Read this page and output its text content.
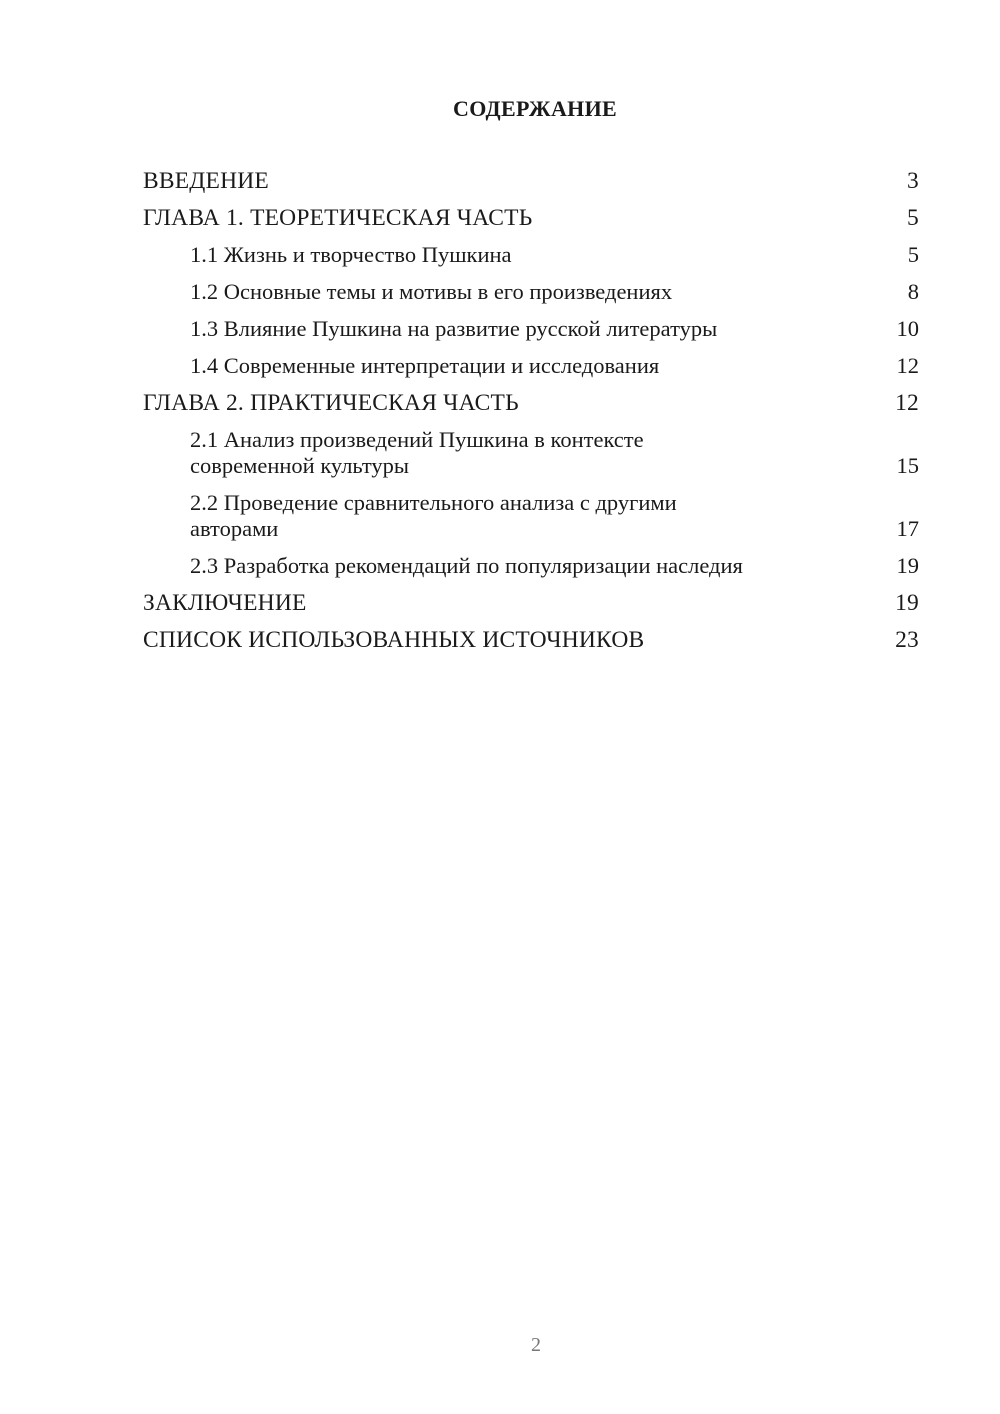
СОДЕРЖАНИЕ
ВВЕДЕНИЕ	3
ГЛАВА 1. ТЕОРЕТИЧЕСКАЯ ЧАСТЬ	5
1.1 Жизнь и творчество Пушкина	5
1.2 Основные темы и мотивы в его произведениях	8
1.3 Влияние Пушкина на развитие русской литературы	10
1.4 Современные интерпретации и исследования	12
ГЛАВА 2. ПРАКТИЧЕСКАЯ ЧАСТЬ	12
2.1 Анализ произведений Пушкина в контексте современной культуры	15
2.2 Проведение сравнительного анализа с другими авторами	17
2.3 Разработка рекомендаций по популяризации наследия	19
ЗАКЛЮЧЕНИЕ	19
СПИСОК ИСПОЛЬЗОВАННЫХ ИСТОЧНИКОВ	23
2
